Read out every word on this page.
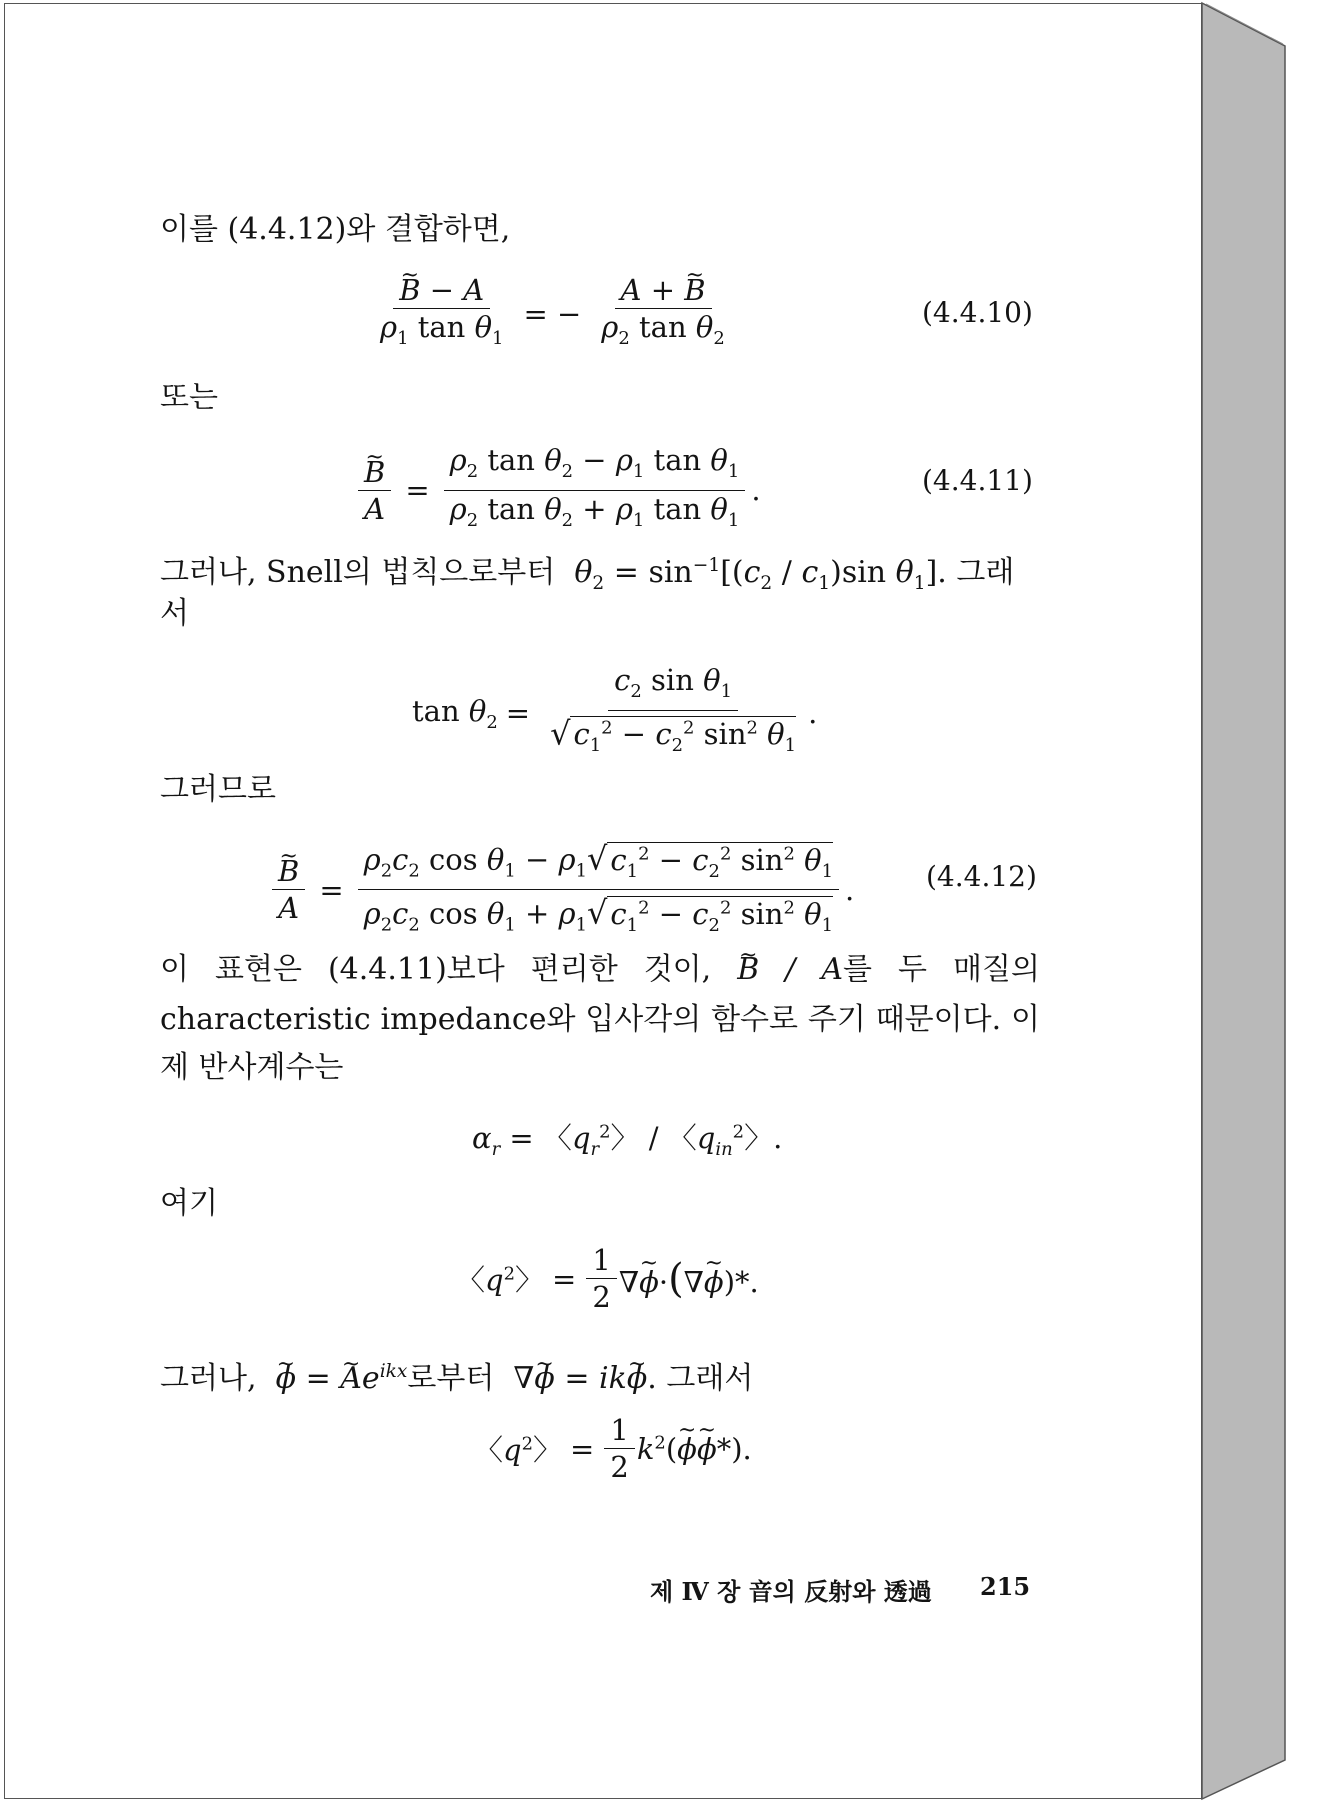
이를 (4.4.12)와 결합하면,
~ $\frac{B - A}{\rho_1 \tan \theta_1}$ = − $\frac{A + \sim B}{\rho_2 \tan \theta_2}$	(4.4.10)
또는
~ $\frac{B}{A} = \frac{\rho_2 \tan \theta_2 - \rho_1 \tan \theta_1}{\rho_2 \tan \theta_2 + \rho_1 \tan \theta_1}$ .	(4.4.11)
그러나, Snell의 법칙으로부터 $\theta_2 = \sin^{-1}[(c_2 / c_1)\sin$ $\theta_1$]. 그래
서
$\tan \theta_2 = \frac{c_2 \sin \theta_1}{√ c_1^2 - c_2^2 \sin^2 \theta_1}$ .
그러므로
~ $\frac{B}{A} = \frac{\rho_2c_2 \cos \theta_1 - \rho_1√ c_1^2 - c_2^2 \sin^2 \theta_1}{\rho_2c_2 \cos \theta_1 + \rho_1√ c_1^2 - c_2^2 \sin^2 \theta_1}$ .	(4.4.12)
이 표현은 (4.4.11)보다 편리한 것이, ~ B / A를 두 매질의
characteristic impedance와 입사각의 함수로 주기 때문이다. 이
제 반사계수는
$\alpha_r$ = 〈$q_r^2$〉 / 〈$q_{in}^2$〉.
여기
〈$q^2$〉 = $\frac{1}{2}$ ∇~ ϕ·(∇~ ϕ)*.
그러나, ~ ϕ = ~ $Ae^{ikx}$로부터  ∇~ ϕ = ik~ ϕ. 그래서
〈$q^2$〉 = $\frac{1}{2}$ $k^2(\sim$ ϕ~ ϕ*).
제 Ⅳ 장 音의 反射와 透過 215
